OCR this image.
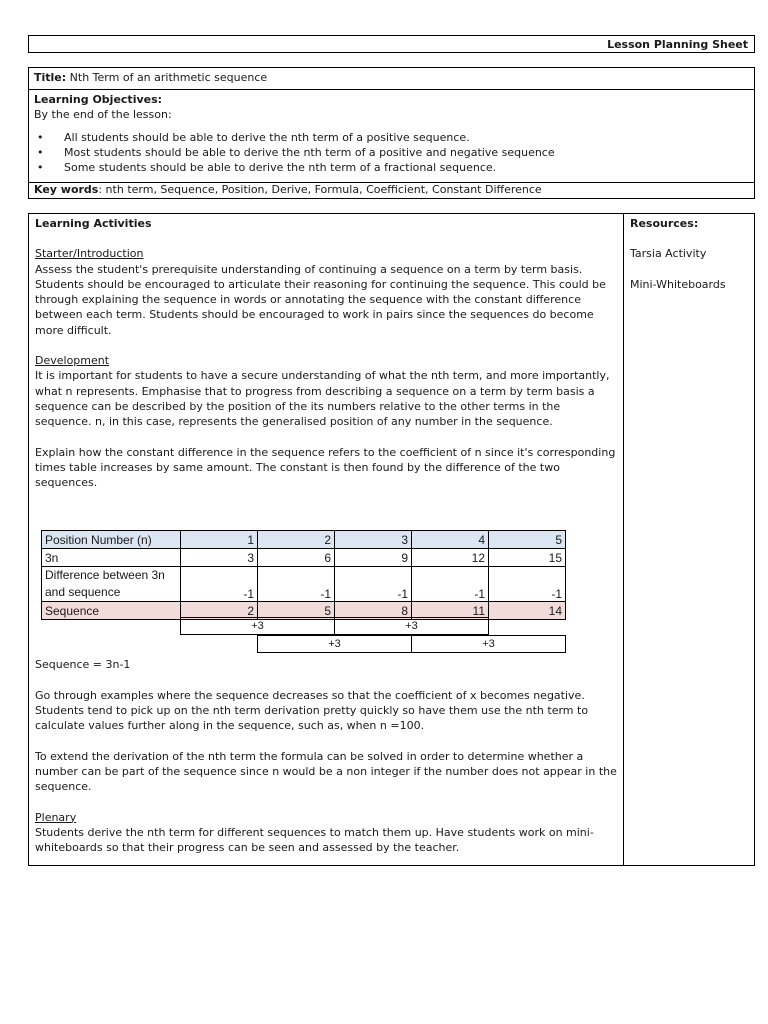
Lesson Planning Sheet
Title: Nth Term of an arithmetic sequence
Learning Objectives:
By the end of the lesson:
• All students should be able to derive the nth term of a positive sequence.
• Most students should be able to derive the nth term of a positive and negative sequence
• Some students should be able to derive the nth term of a fractional sequence.
Key words: nth term, Sequence, Position, Derive, Formula, Coefficient, Constant Difference
Learning Activities
Starter/Introduction
Assess the student's prerequisite understanding of continuing a sequence on a term by term basis. Students should be encouraged to articulate their reasoning for continuing the sequence. This could be through explaining the sequence in words or annotating the sequence with the constant difference between each term. Students should be encouraged to work in pairs since the sequences do become more difficult.
Development
It is important for students to have a secure understanding of what the nth term, and more importantly, what n represents. Emphasise that to progress from describing a sequence on a term by term basis a sequence can be described by the position of the its numbers relative to the other terms in the sequence. n, in this case, represents the generalised position of any number in the sequence.
Explain how the constant difference in the sequence refers to the coefficient of n since it's corresponding times table increases by same amount. The constant is then found by the difference of the two sequences.
Sequence = 3n-1
Go through examples where the sequence decreases so that the coefficient of x becomes negative. Students tend to pick up on the nth term derivation pretty quickly so have them use the nth term to calculate values further along in the sequence, such as, when n =100.
To extend the derivation of the nth term the formula can be solved in order to determine whether a number can be part of the sequence since n would be a non integer if the number does not appear in the sequence.
Plenary
Students derive the nth term for different sequences to match them up. Have students work on mini-whiteboards so that their progress can be seen and assessed by the teacher.
Position Number (n)	1	2	3	4	5
3n	3	6	9	12	15
Difference between 3n and sequence	-1	-1	-1	-1	-1
Sequence	2	5	8	11	14
+3	+3
+3	+3
Resources:
Tarsia Activity
Mini-Whiteboards
